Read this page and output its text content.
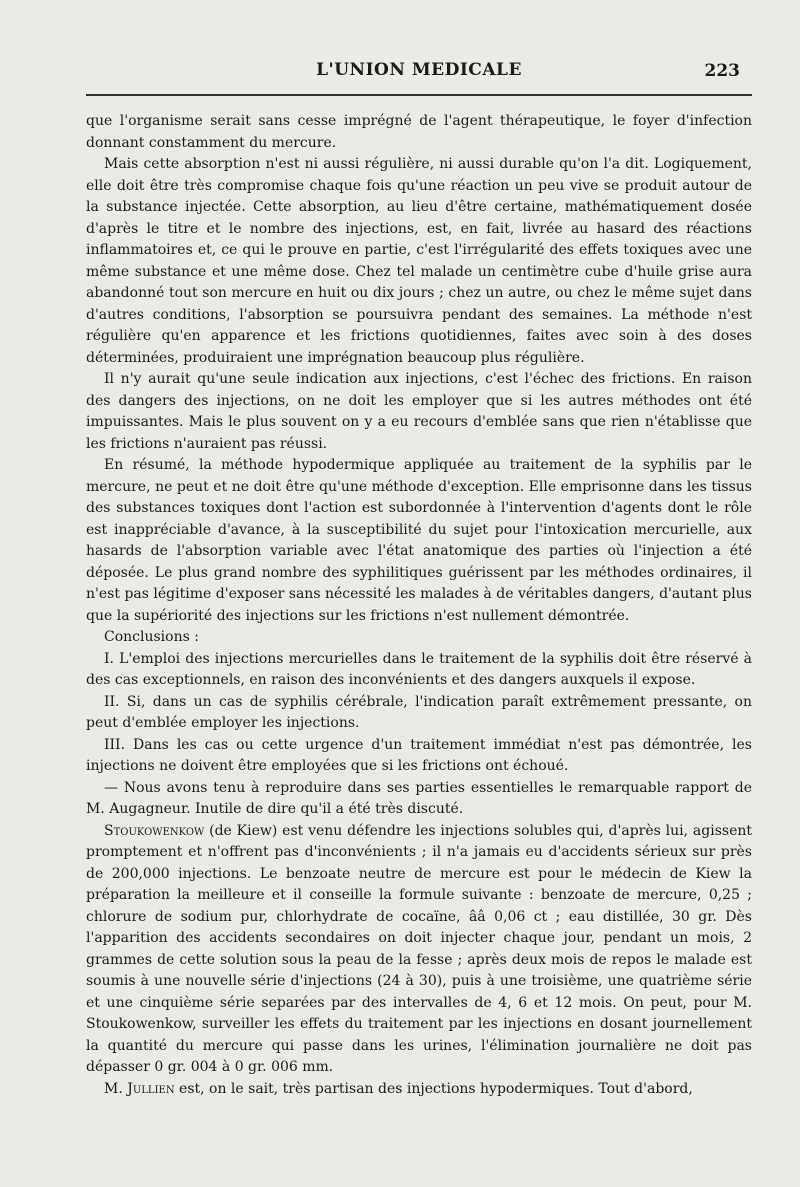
L'UNION MEDICALE	223

que l'organisme serait sans cesse imprégné de l'agent thérapeutique, le foyer d'infection donnant constamment du mercure.

Mais cette absorption n'est ni aussi régulière, ni aussi durable qu'on l'a dit. Logiquement, elle doit être très compromise chaque fois qu'une réaction un peu vive se produit autour de la substance injectée. Cette absorption, au lieu d'être certaine, mathématiquement dosée d'après le titre et le nombre des injections, est, en fait, livrée au hasard des réactions inflammatoires et, ce qui le prouve en partie, c'est l'irrégularité des effets toxiques avec une même substance et une même dose. Chez tel malade un centimètre cube d'huile grise aura abandonné tout son mercure en huit ou dix jours ; chez un autre, ou chez le même sujet dans d'autres conditions, l'absorption se poursuivra pendant des semaines. La méthode n'est régulière qu'en apparence et les frictions quotidiennes, faites avec soin à des doses déterminées, produiraient une imprégnation beaucoup plus régulière.

Il n'y aurait qu'une seule indication aux injections, c'est l'échec des frictions. En raison des dangers des injections, on ne doit les employer que si les autres méthodes ont été impuissantes. Mais le plus souvent on y a eu recours d'emblée sans que rien n'établisse que les frictions n'auraient pas réussi.

En résumé, la méthode hypodermique appliquée au traitement de la syphilis par le mercure, ne peut et ne doit être qu'une méthode d'exception. Elle emprisonne dans les tissus des substances toxiques dont l'action est subordonnée à l'intervention d'agents dont le rôle est inappréciable d'avance, à la susceptibilité du sujet pour l'intoxication mercurielle, aux hasards de l'absorption variable avec l'état anatomique des parties où l'injection a été déposée. Le plus grand nombre des syphilitiques guérissent par les méthodes ordinaires, il n'est pas légitime d'exposer sans nécessité les malades à de véritables dangers, d'autant plus que la supériorité des injections sur les frictions n'est nullement démontrée.

Conclusions :

I. L'emploi des injections mercurielles dans le traitement de la syphilis doit être réservé à des cas exceptionnels, en raison des inconvénients et des dangers auxquels il expose.

II. Si, dans un cas de syphilis cérébrale, l'indication paraît extrêmement pressante, on peut d'emblée employer les injections.

III. Dans les cas ou cette urgence d'un traitement immédiat n'est pas démontrée, les injections ne doivent être employées que si les frictions ont échoué.

— Nous avons tenu à reproduire dans ses parties essentielles le remarquable rapport de M. Augagneur. Inutile de dire qu'il a été très discuté.

Stoukowenkow (de Kiew) est venu défendre les injections solubles qui, d'après lui, agissent promptement et n'offrent pas d'inconvénients ; il n'a jamais eu d'accidents sérieux sur près de 200,000 injections. Le benzoate neutre de mercure est pour le médecin de Kiew la préparation la meilleure et il conseille la formule suivante : benzoate de mercure, 0,25 ; chlorure de sodium pur, chlorhydrate de cocaïne, ââ 0,06 ct ; eau distillée, 30 gr. Dès l'apparition des accidents secondaires on doit injecter chaque jour, pendant un mois, 2 grammes de cette solution sous la peau de la fesse ; après deux mois de repos le malade est soumis à une nouvelle série d'injections (24 à 30), puis à une troisième, une quatrième série et une cinquième série separées par des intervalles de 4, 6 et 12 mois. On peut, pour M. Stoukowenkow, surveiller les effets du traitement par les injections en dosant journellement la quantité du mercure qui passe dans les urines, l'élimination journalière ne doit pas dépasser 0 gr. 004 à 0 gr. 006 mm.

M. Jullien est, on le sait, très partisan des injections hypodermiques. Tout d'abord,
